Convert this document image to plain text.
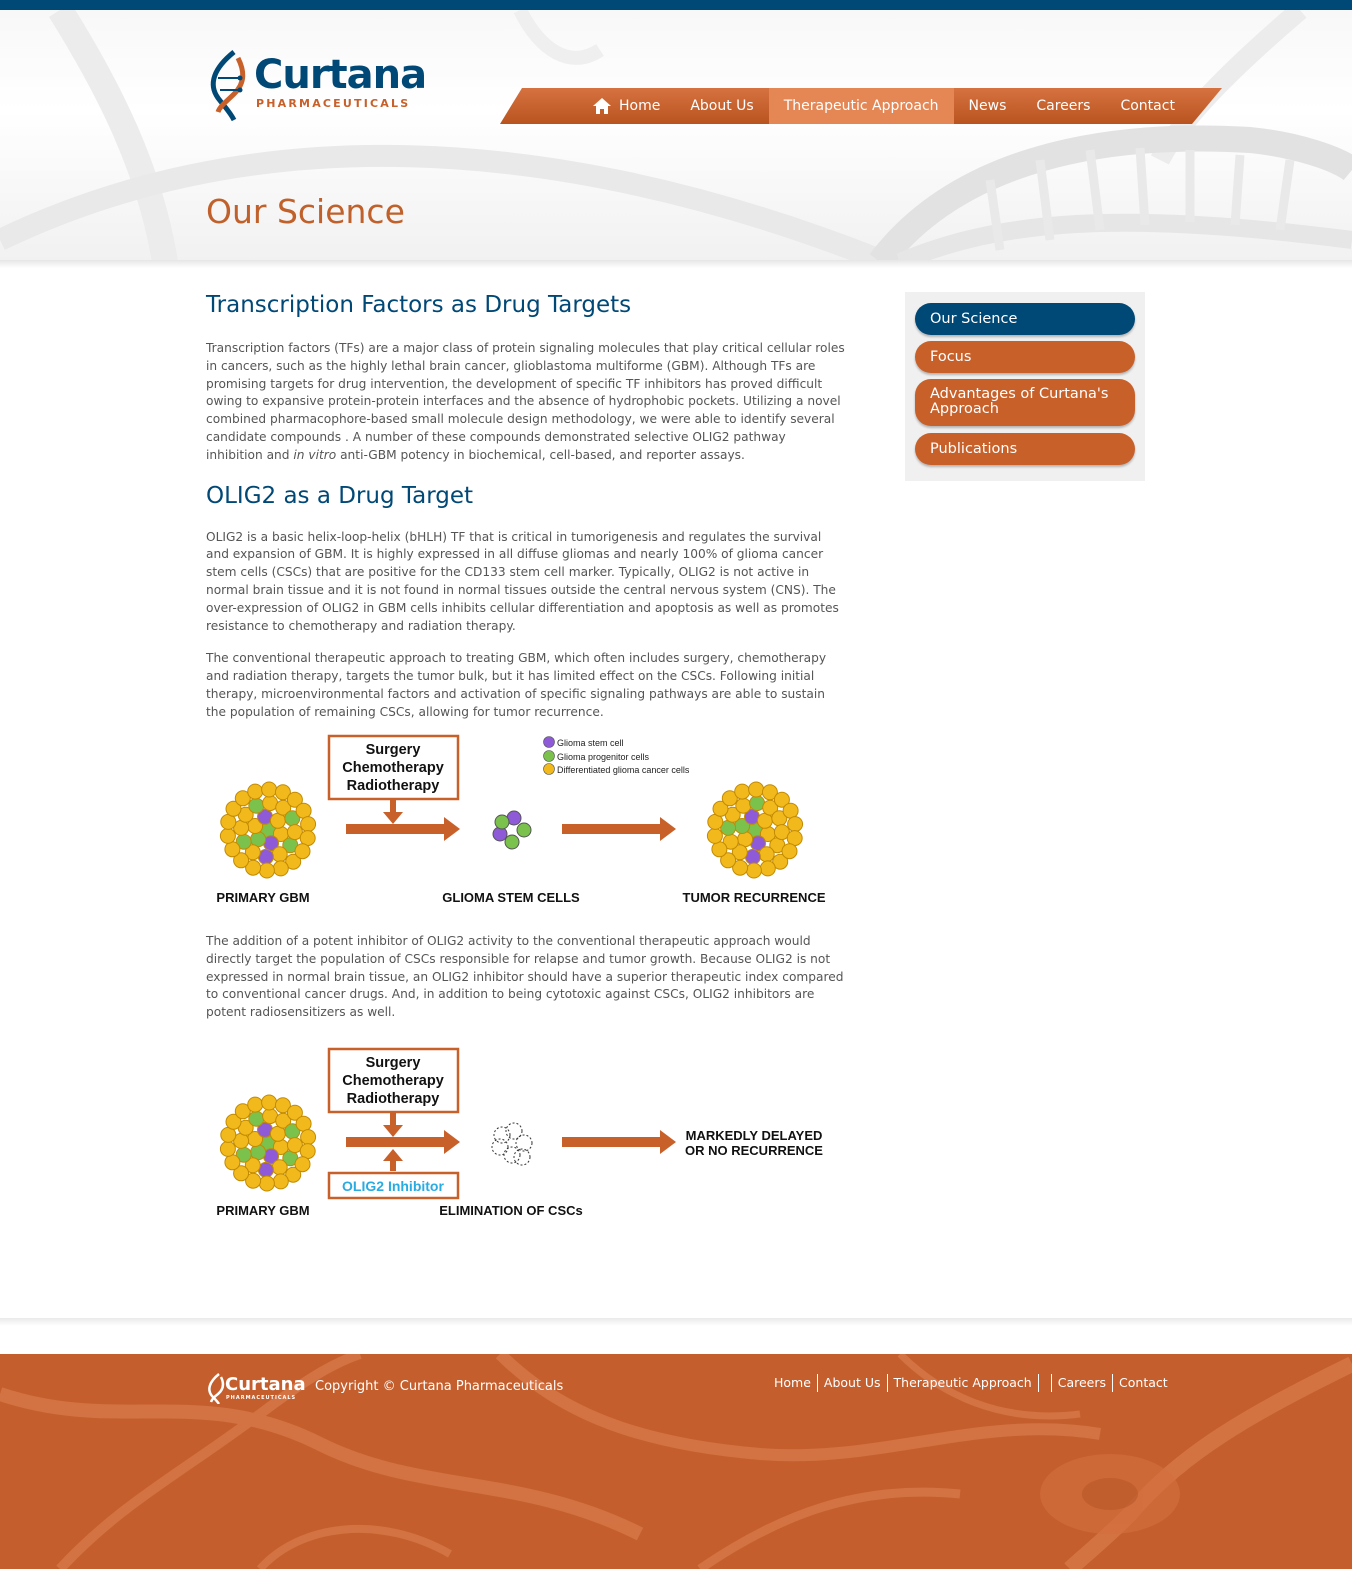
Curtana
PHARMACEUTICALS	Home	About Us	Therapeutic Approach	News	Careers	Contact
Our Science
Transcription Factors as Drug Targets

Transcription factors (TFs) are a major class of protein signaling molecules that play critical cellular roles in cancers, such as the highly lethal brain cancer, glioblastoma multiforme (GBM). Although TFs are promising targets for drug intervention, the development of specific TF inhibitors has proved difficult owing to expansive protein-protein interfaces and the absence of hydrophobic pockets. Utilizing a novel combined pharmacophore-based small molecule design methodology, we were able to identify several candidate compounds . A number of these compounds demonstrated selective OLIG2 pathway inhibition and in vitro anti-GBM potency in biochemical, cell-based, and reporter assays.

OLIG2 as a Drug Target

OLIG2 is a basic helix-loop-helix (bHLH) TF that is critical in tumorigenesis and regulates the survival and expansion of GBM. It is highly expressed in all diffuse gliomas and nearly 100% of glioma cancer stem cells (CSCs) that are positive for the CD133 stem cell marker. Typically, OLIG2 is not active in normal brain tissue and it is not found in normal tissues outside the central nervous system (CNS). The over-expression of OLIG2 in GBM cells inhibits cellular differentiation and apoptosis as well as promotes resistance to chemotherapy and radiation therapy.

The conventional therapeutic approach to treating GBM, which often includes surgery, chemotherapy and radiation therapy, targets the tumor bulk, but it has limited effect on the CSCs. Following initial therapy, microenvironmental factors and activation of specific signaling pathways are able to sustain the population of remaining CSCs, allowing for tumor recurrence.

Surgery
Chemotherapy
Radiotherapy
Glioma stem cell
Glioma progenitor cells
Differentiated glioma cancer cells
PRIMARY GBM	GLIOMA STEM CELLS	TUMOR RECURRENCE

The addition of a potent inhibitor of OLIG2 activity to the conventional therapeutic approach would directly target the population of CSCs responsible for relapse and tumor growth. Because OLIG2 is not expressed in normal brain tissue, an OLIG2 inhibitor should have a superior therapeutic index compared to conventional cancer drugs. And, in addition to being cytotoxic against CSCs, OLIG2 inhibitors are potent radiosensitizers as well.

Surgery
Chemotherapy
Radiotherapy
OLIG2 Inhibitor
MARKEDLY DELAYED
OR NO RECURRENCE
PRIMARY GBM	ELIMINATION OF CSCs
Our Science
Focus
Advantages of Curtana's Approach
Publications
Curtana
PHARMACEUTICALS
Copyright © Curtana Pharmaceuticals	Home	About Us	Therapeutic Approach	Careers	Contact
